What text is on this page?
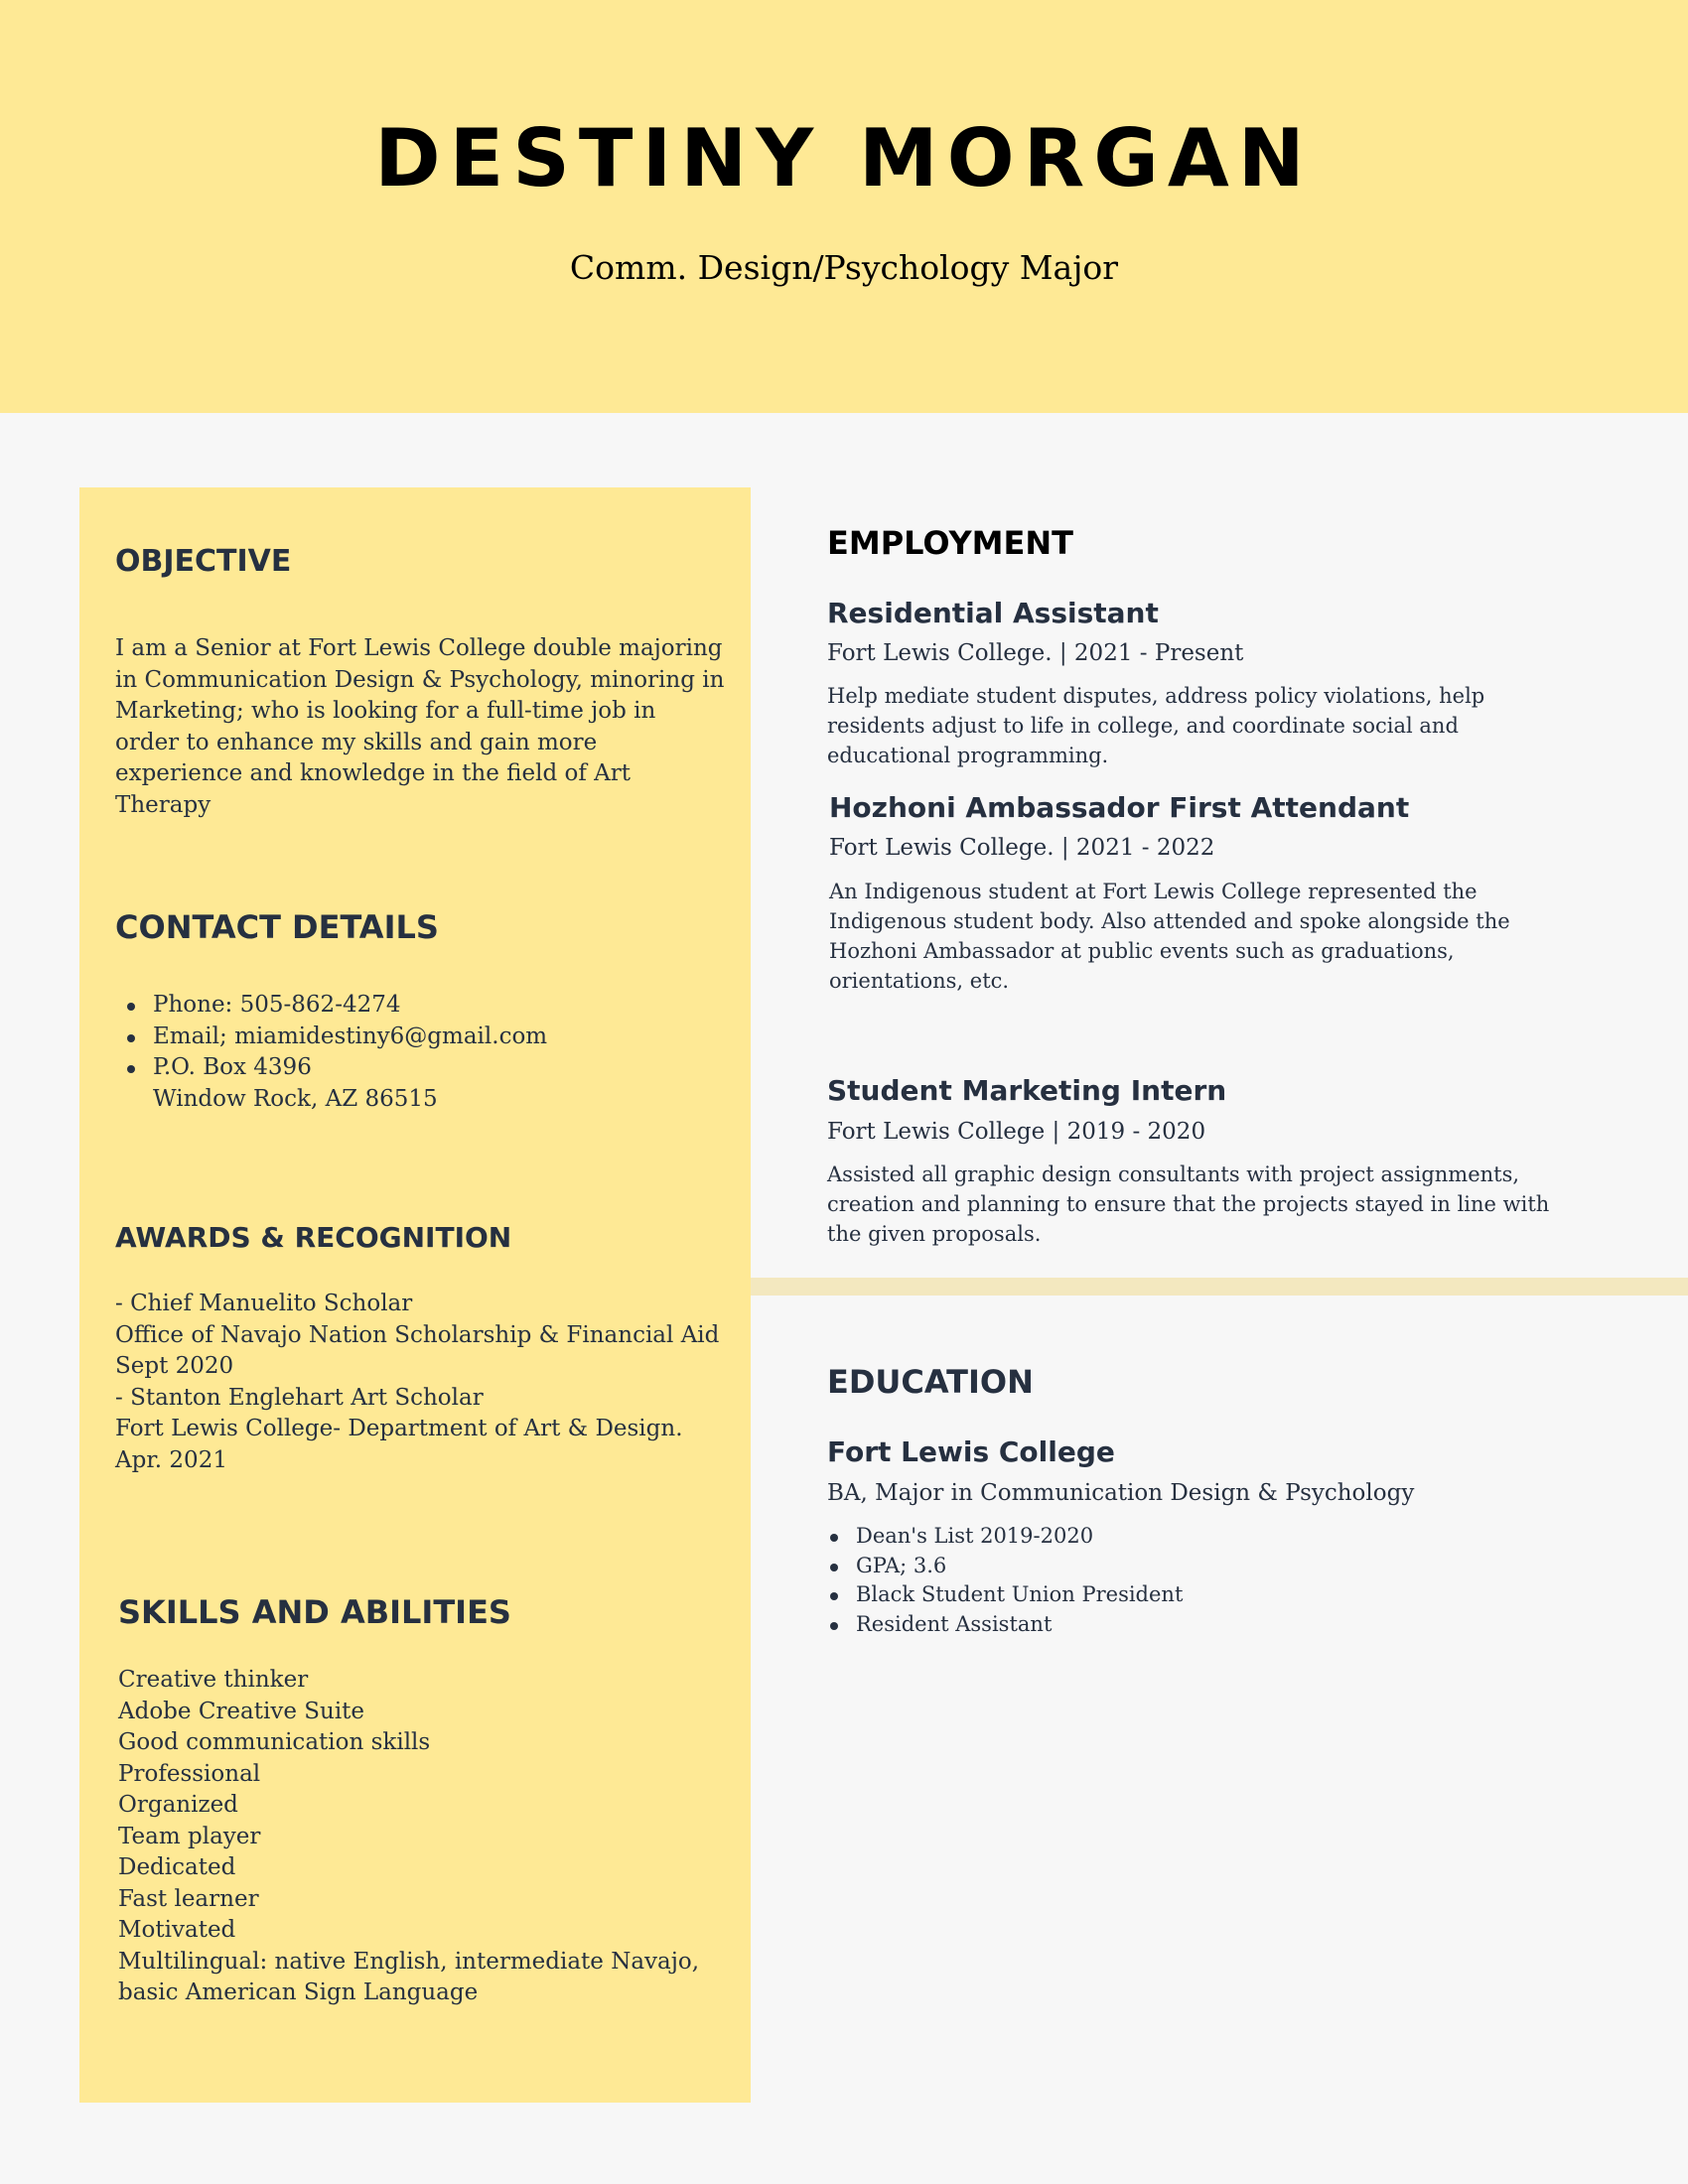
DESTINY MORGAN
Comm. Design/Psychology Major
OBJECTIVE
I am a Senior at Fort Lewis College double majoring
in Communication Design & Psychology, minoring in
Marketing; who is looking for a full-time job in
order to enhance my skills and gain more
experience and knowledge in the field of Art
Therapy
CONTACT DETAILS
Phone: 505-862-4274
Email; miamidestiny6@gmail.com
P.O. Box 4396
Window Rock, AZ 86515
AWARDS & RECOGNITION
- Chief Manuelito Scholar
Office of Navajo Nation Scholarship & Financial Aid
Sept 2020
- Stanton Englehart Art Scholar
Fort Lewis College- Department of Art & Design.
Apr. 2021
SKILLS AND ABILITIES
Creative thinker
Adobe Creative Suite
Good communication skills
Professional
Organized
Team player
Dedicated
Fast learner
Motivated
Multilingual: native English, intermediate Navajo,
basic American Sign Language
EMPLOYMENT
Residential Assistant
Fort Lewis College. | 2021 - Present
Help mediate student disputes, address policy violations, help
residents adjust to life in college, and coordinate social and
educational programming.
Hozhoni Ambassador First Attendant
Fort Lewis College. | 2021 - 2022
An Indigenous student at Fort Lewis College represented the
Indigenous student body. Also attended and spoke alongside the
Hozhoni Ambassador at public events such as graduations,
orientations, etc.
Student Marketing Intern
Fort Lewis College | 2019 - 2020
Assisted all graphic design consultants with project assignments,
creation and planning to ensure that the projects stayed in line with
the given proposals.
EDUCATION
Fort Lewis College
BA, Major in Communication Design & Psychology
Dean's List 2019-2020
GPA; 3.6
Black Student Union President
Resident Assistant
